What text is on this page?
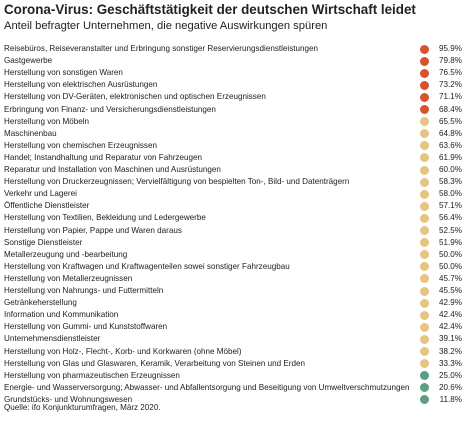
Corona-Virus: Geschäftstätigkeit der deutschen Wirtschaft leidet
Anteil befragter Unternehmen, die negative Auswirkungen spüren
Reisebüros, Reiseveranstalter und Erbringung sonstiger Reservierungsdienstleistungen	95.9%
Gastgewerbe	79.8%
Herstellung von sonstigen Waren	76.5%
Herstellung von elektrischen Ausrüstungen	73.2%
Herstellung von DV-Geräten, elektronischen und optischen Erzeugnissen	71.1%
Erbringung von Finanz- und Versicherungsdienstleistungen	68.4%
Herstellung von Möbeln	65.5%
Maschinenbau	64.8%
Herstellung von chemischen Erzeugnissen	63.6%
Handel; Instandhaltung und Reparatur von Fahrzeugen	61.9%
Reparatur und Installation von Maschinen und Ausrüstungen	60.0%
Herstellung von Druckerzeugnissen; Vervielfältigung von bespielten Ton-, Bild- und Datenträgern	58.3%
Verkehr und Lagerei	58.0%
Öffentliche Dienstleister	57.1%
Herstellung von Textilien, Bekleidung und Ledergewerbe	56.4%
Herstellung von Papier, Pappe und Waren daraus	52.5%
Sonstige Dienstleister	51.9%
Metallerzeugung und -bearbeitung	50.0%
Herstellung von Kraftwagen und Kraftwagenteilen sowei sonstiger Fahrzeugbau	50.0%
Herstellung von Metallerzeugnissen	45.7%
Herstellung von Nahrungs- und Futtermitteln	45.5%
Getränkeherstellung	42.9%
Information und Kommunikation	42.4%
Herstellung von Gummi- und Kunststoffwaren	42.4%
Unternehmensdienstleister	39.1%
Herstellung von Holz-, Flecht-, Korb- und Korkwaren (ohne Möbel)	38.2%
Herstellung von Glas und Glaswaren, Keramik, Verarbeitung von Steinen und Erden	33.3%
Herstellung von pharmazeutischen Erzeugnissen	25.0%
Energie- und Wasserversorgung; Abwasser- und Abfallentsorgung und Beseitigung von Umweltverschmutzungen	20.6%
Grundstücks- und Wohnungswesen	11.8%
Quelle: ifo Konjunkturumfragen, März 2020.
